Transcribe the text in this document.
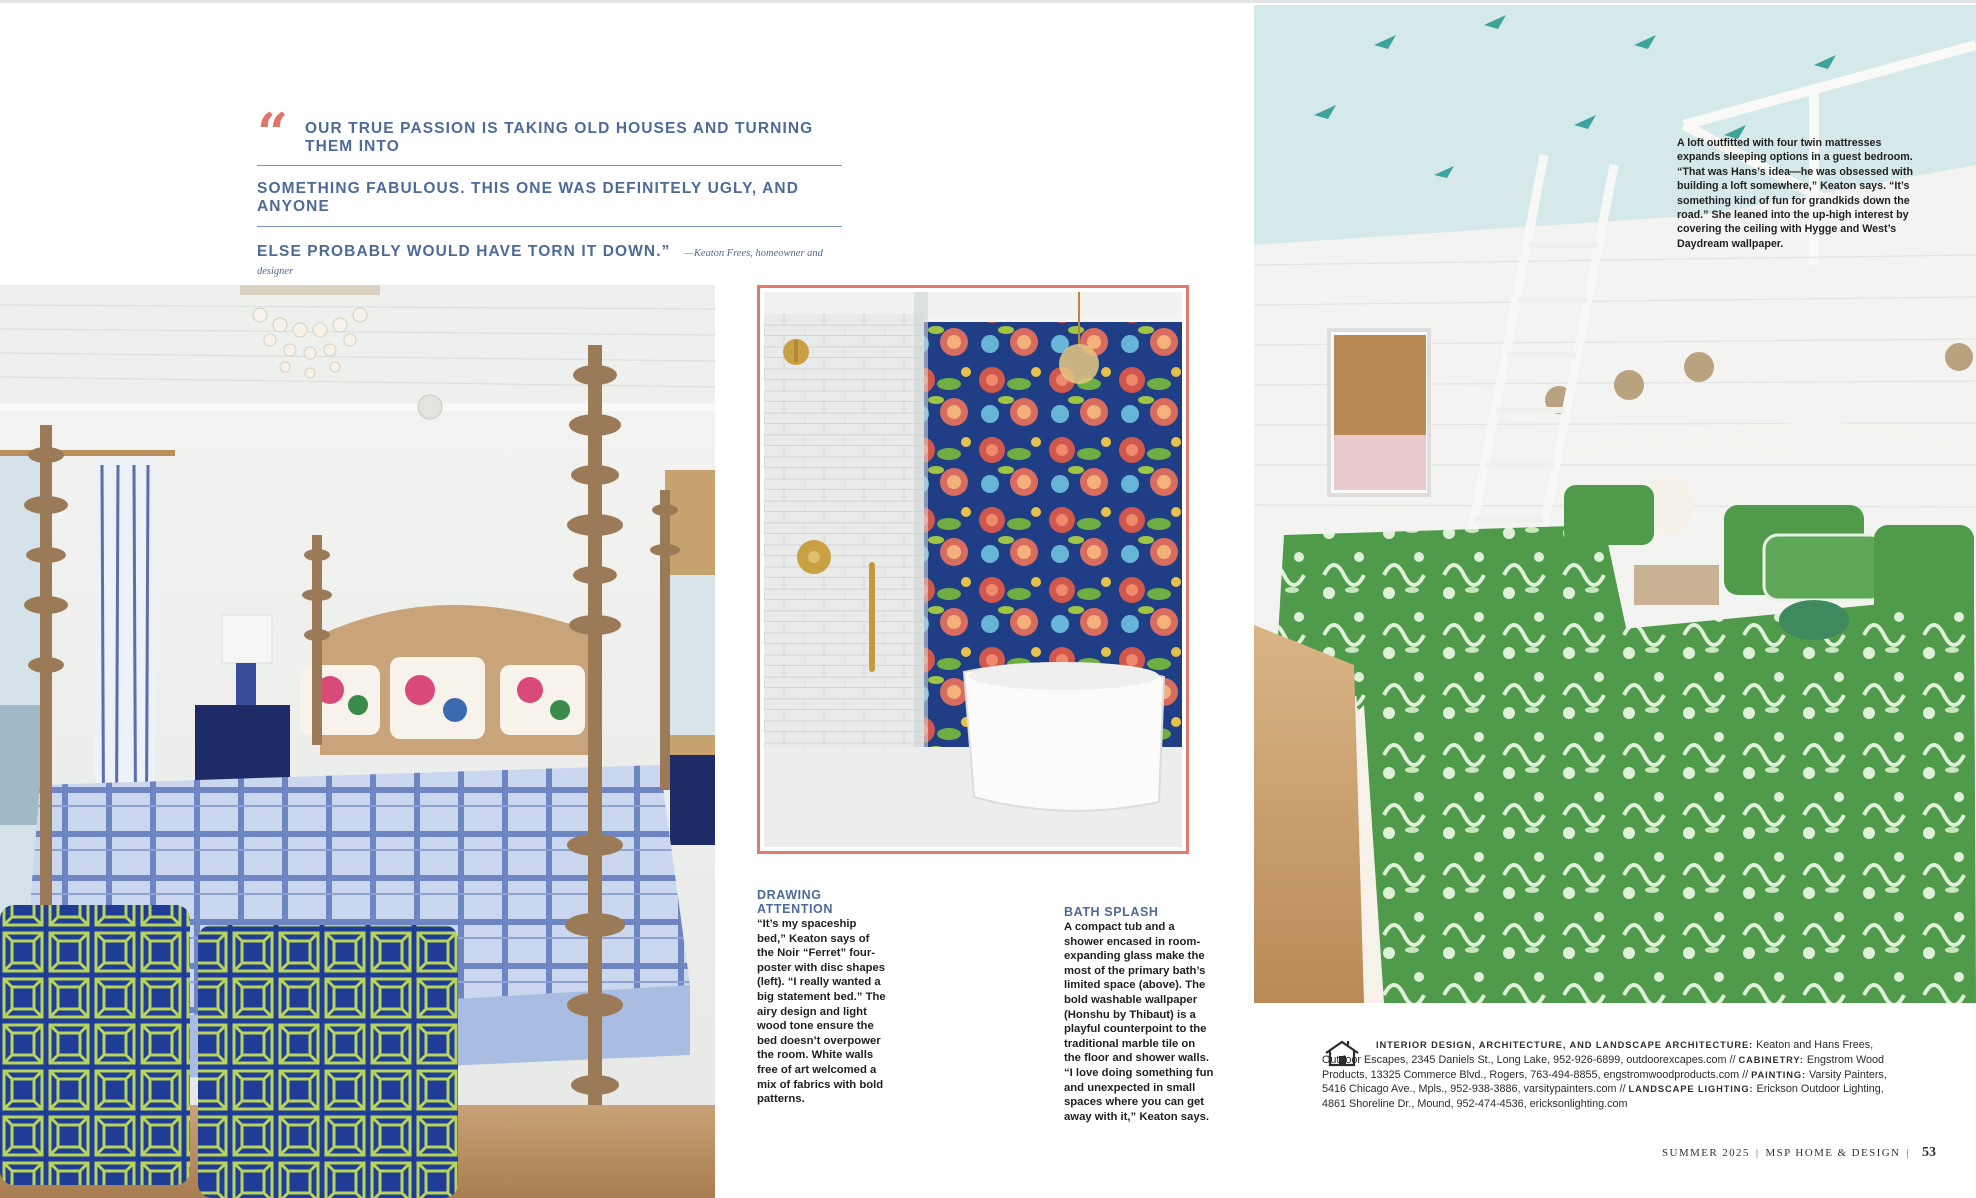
“	OUR TRUE PASSION IS TAKING OLD HOUSES AND TURNING THEM INTO
SOMETHING FABULOUS. THIS ONE WAS DEFINITELY UGLY, AND ANYONE
ELSE PROBABLY WOULD HAVE TORN IT DOWN.” —Keaton Frees, homeowner and designer
DRAWING ATTENTION
“It’s my spaceship bed,” Keaton says of the Noir “Ferret” four-poster with disc shapes (left). “I really wanted a big statement bed.” The airy design and light wood tone ensure the bed doesn’t overpower the room. White walls free of art welcomed a mix of fabrics with bold patterns.
BATH SPLASH
A compact tub and a shower encased in room-expanding glass make the most of the primary bath’s limited space (above). The bold washable wallpaper (Honshu by Thibaut) is a playful counterpoint to the traditional marble tile on the floor and shower walls. “I love doing something fun and unexpected in small spaces where you can get away with it,” Keaton says.
A loft outfitted with four twin mattresses expands sleeping options in a guest bedroom. “That was Hans’s idea—he was obsessed with building a loft somewhere,” Keaton says. “It’s something kind of fun for grandkids down the road.” She leaned into the up-high interest by covering the ceiling with Hygge and West’s Daydream wallpaper.
INTERIOR DESIGN, ARCHITECTURE, AND LANDSCAPE ARCHITECTURE: Keaton and Hans Frees, Outdoor Escapes, 2345 Daniels St., Long Lake, 952-926-6899, outdoorexcapes.com // CABINETRY: Engstrom Wood Products, 13325 Commerce Blvd., Rogers, 763-494-8855, engstromwoodproducts.com // PAINTING: Varsity Painters, 5416 Chicago Ave., Mpls., 952-938-3886, varsitypainters.com // LANDSCAPE LIGHTING: Erickson Outdoor Lighting, 4861 Shoreline Dr., Mound, 952-474-4536, ericksonlighting.com
SUMMER 2025 | MSP HOME & DESIGN | 53
